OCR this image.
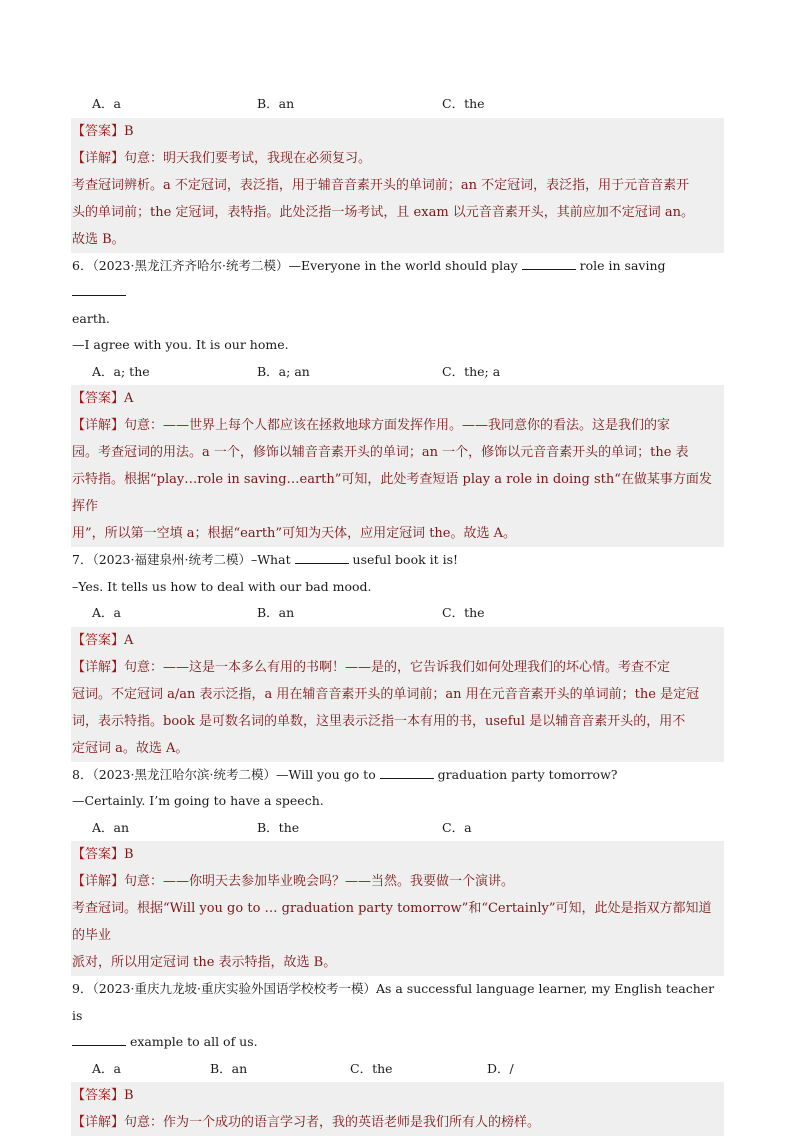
A．a	B．an	C．the
【答案】B
【详解】句意：明天我们要考试，我现在必须复习。
考查冠词辨析。a 不定冠词，表泛指，用于辅音音素开头的单词前；an 不定冠词，表泛指，用于元音音素开
头的单词前；the 定冠词，表特指。此处泛指一场考试，且 exam 以元音音素开头，其前应加不定冠词 an。
故选 B。
6．（2023·黑龙江齐齐哈尔·统考二模）—Everyone in the world should play	role in saving
earth.
—I agree with you. It is our home.
A．a; the	B．a; an	C．the; a
【答案】A
【详解】句意：——世界上每个人都应该在拯救地球方面发挥作用。——我同意你的看法。这是我们的家
园。考查冠词的用法。a 一个，修饰以辅音音素开头的单词；an 一个，修饰以元音音素开头的单词；the 表
示特指。根据“play…role in saving…earth”可知，此处考查短语 play a role in doing sth“在做某事方面发挥作
用”，所以第一空填 a；根据“earth”可知为天体，应用定冠词 the。故选 A。
7．（2023·福建泉州·统考二模）–What	useful book it is!
–Yes. It tells us how to deal with our bad mood.
A．a	B．an	C．the
【答案】A
【详解】句意：——这是一本多么有用的书啊！——是的，它告诉我们如何处理我们的坏心情。考查不定
冠词。不定冠词 a/an 表示泛指，a 用在辅音音素开头的单词前；an 用在元音音素开头的单词前；the 是定冠
词，表示特指。book 是可数名词的单数，这里表示泛指一本有用的书，useful 是以辅音音素开头的，用不
定冠词 a。故选 A。
8．（2023·黑龙江哈尔滨·统考二模）—Will you go to	graduation party tomorrow?
—Certainly. I’m going to have a speech.
A．an	B．the	C．a
【答案】B
【详解】句意：——你明天去参加毕业晚会吗？——当然。我要做一个演讲。
考查冠词。根据“Will you go to … graduation party tomorrow”和“Certainly”可知，此处是指双方都知道的毕业
派对，所以用定冠词 the 表示特指，故选 B。
9．（2023·重庆九龙坡·重庆实验外国语学校校考一模）As a successful language learner, my English teacher is
example to all of us.
A．a	B．an	C．the	D．/
【答案】B
【详解】句意：作为一个成功的语言学习者，我的英语老师是我们所有人的榜样。
